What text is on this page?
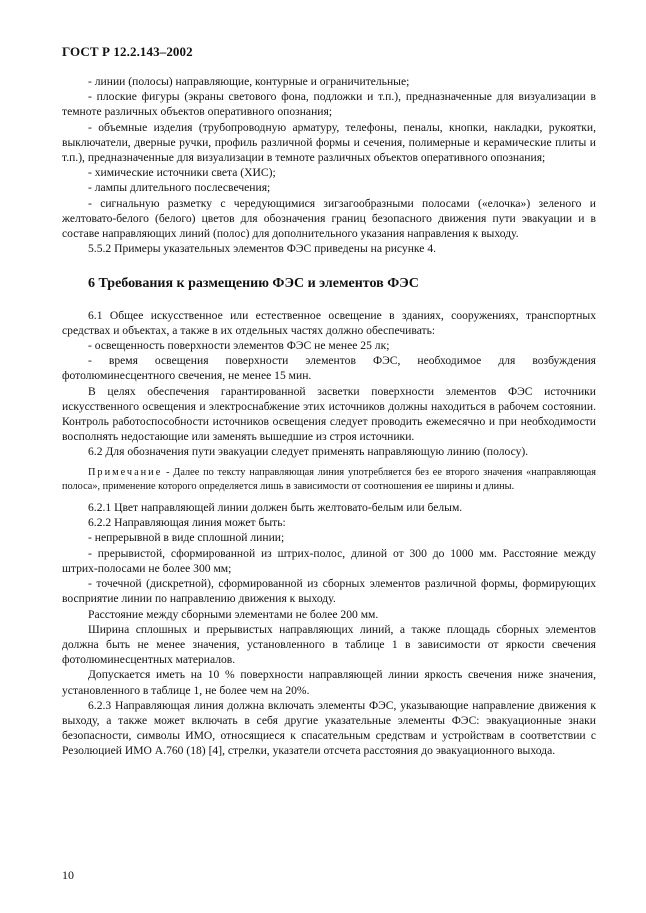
ГОСТ Р 12.2.143–2002

- линии (полосы) направляющие, контурные и ограничительные;

- плоские фигуры (экраны светового фона, подложки и т.п.), предназначенные для визуализации в темноте различных объектов оперативного опознания;

- объемные изделия (трубопроводную арматуру, телефоны, пеналы, кнопки, накладки, рукоятки, выключатели, дверные ручки, профиль различной формы и сечения, полимерные и керамические плиты и т.п.), предназначенные для визуализации в темноте различных объектов оперативного опознания;

- химические источники света (ХИС);

- лампы длительного послесвечения;

- сигнальную разметку с чередующимися зигзагообразными полосами («елочка») зеленого и желтовато-белого (белого) цветов для обозначения границ безопасного движения пути эвакуации и в составе направляющих линий (полос) для дополнительного указания направления к выходу.

5.5.2 Примеры указательных элементов ФЭС приведены на рисунке 4.

6 Требования к размещению ФЭС и элементов ФЭС

6.1 Общее искусственное или естественное освещение в зданиях, сооружениях, транспортных средствах и объектах, а также в их отдельных частях должно обеспечивать:

- освещенность поверхности элементов ФЭС не менее 25 лк;

- время освещения поверхности элементов ФЭС, необходимое для возбуждения фотолюминесцентного свечения, не менее 15 мин.

В целях обеспечения гарантированной засветки поверхности элементов ФЭС источники искусственного освещения и электроснабжение этих источников должны находиться в рабочем состоянии. Контроль работоспособности источников освещения следует проводить ежемесячно и при необходимости восполнять недостающие или заменять вышедшие из строя источники.

6.2 Для обозначения пути эвакуации следует применять направляющую линию (полосу).

Примечание - Далее по тексту направляющая линия употребляется без ее второго значения «направляющая полоса», применение которого определяется лишь в зависимости от соотношения ее ширины и длины.

6.2.1 Цвет направляющей линии должен быть желтовато-белым или белым.

6.2.2 Направляющая линия может быть:

- непрерывной в виде сплошной линии;

- прерывистой, сформированной из штрих-полос, длиной от 300 до 1000 мм. Расстояние между штрих-полосами не более 300 мм;

- точечной (дискретной), сформированной из сборных элементов различной формы, формирующих восприятие линии по направлению движения к выходу.

Расстояние между сборными элементами не более 200 мм.

Ширина сплошных и прерывистых направляющих линий, а также площадь сборных элементов должна быть не менее значения, установленного в таблице 1 в зависимости от яркости свечения фотолюминесцентных материалов.

Допускается иметь на 10 % поверхности направляющей линии яркость свечения ниже значения, установленного в таблице 1, не более чем на 20%.

6.2.3 Направляющая линия должна включать элементы ФЭС, указывающие направление движения к выходу, а также может включать в себя другие указательные элементы ФЭС: эвакуационные знаки безопасности, символы ИМО, относящиеся к спасательным средствам и устройствам в соответствии с Резолюцией ИМО А.760 (18) [4], стрелки, указатели отсчета расстояния до эвакуационного выхода.

10
